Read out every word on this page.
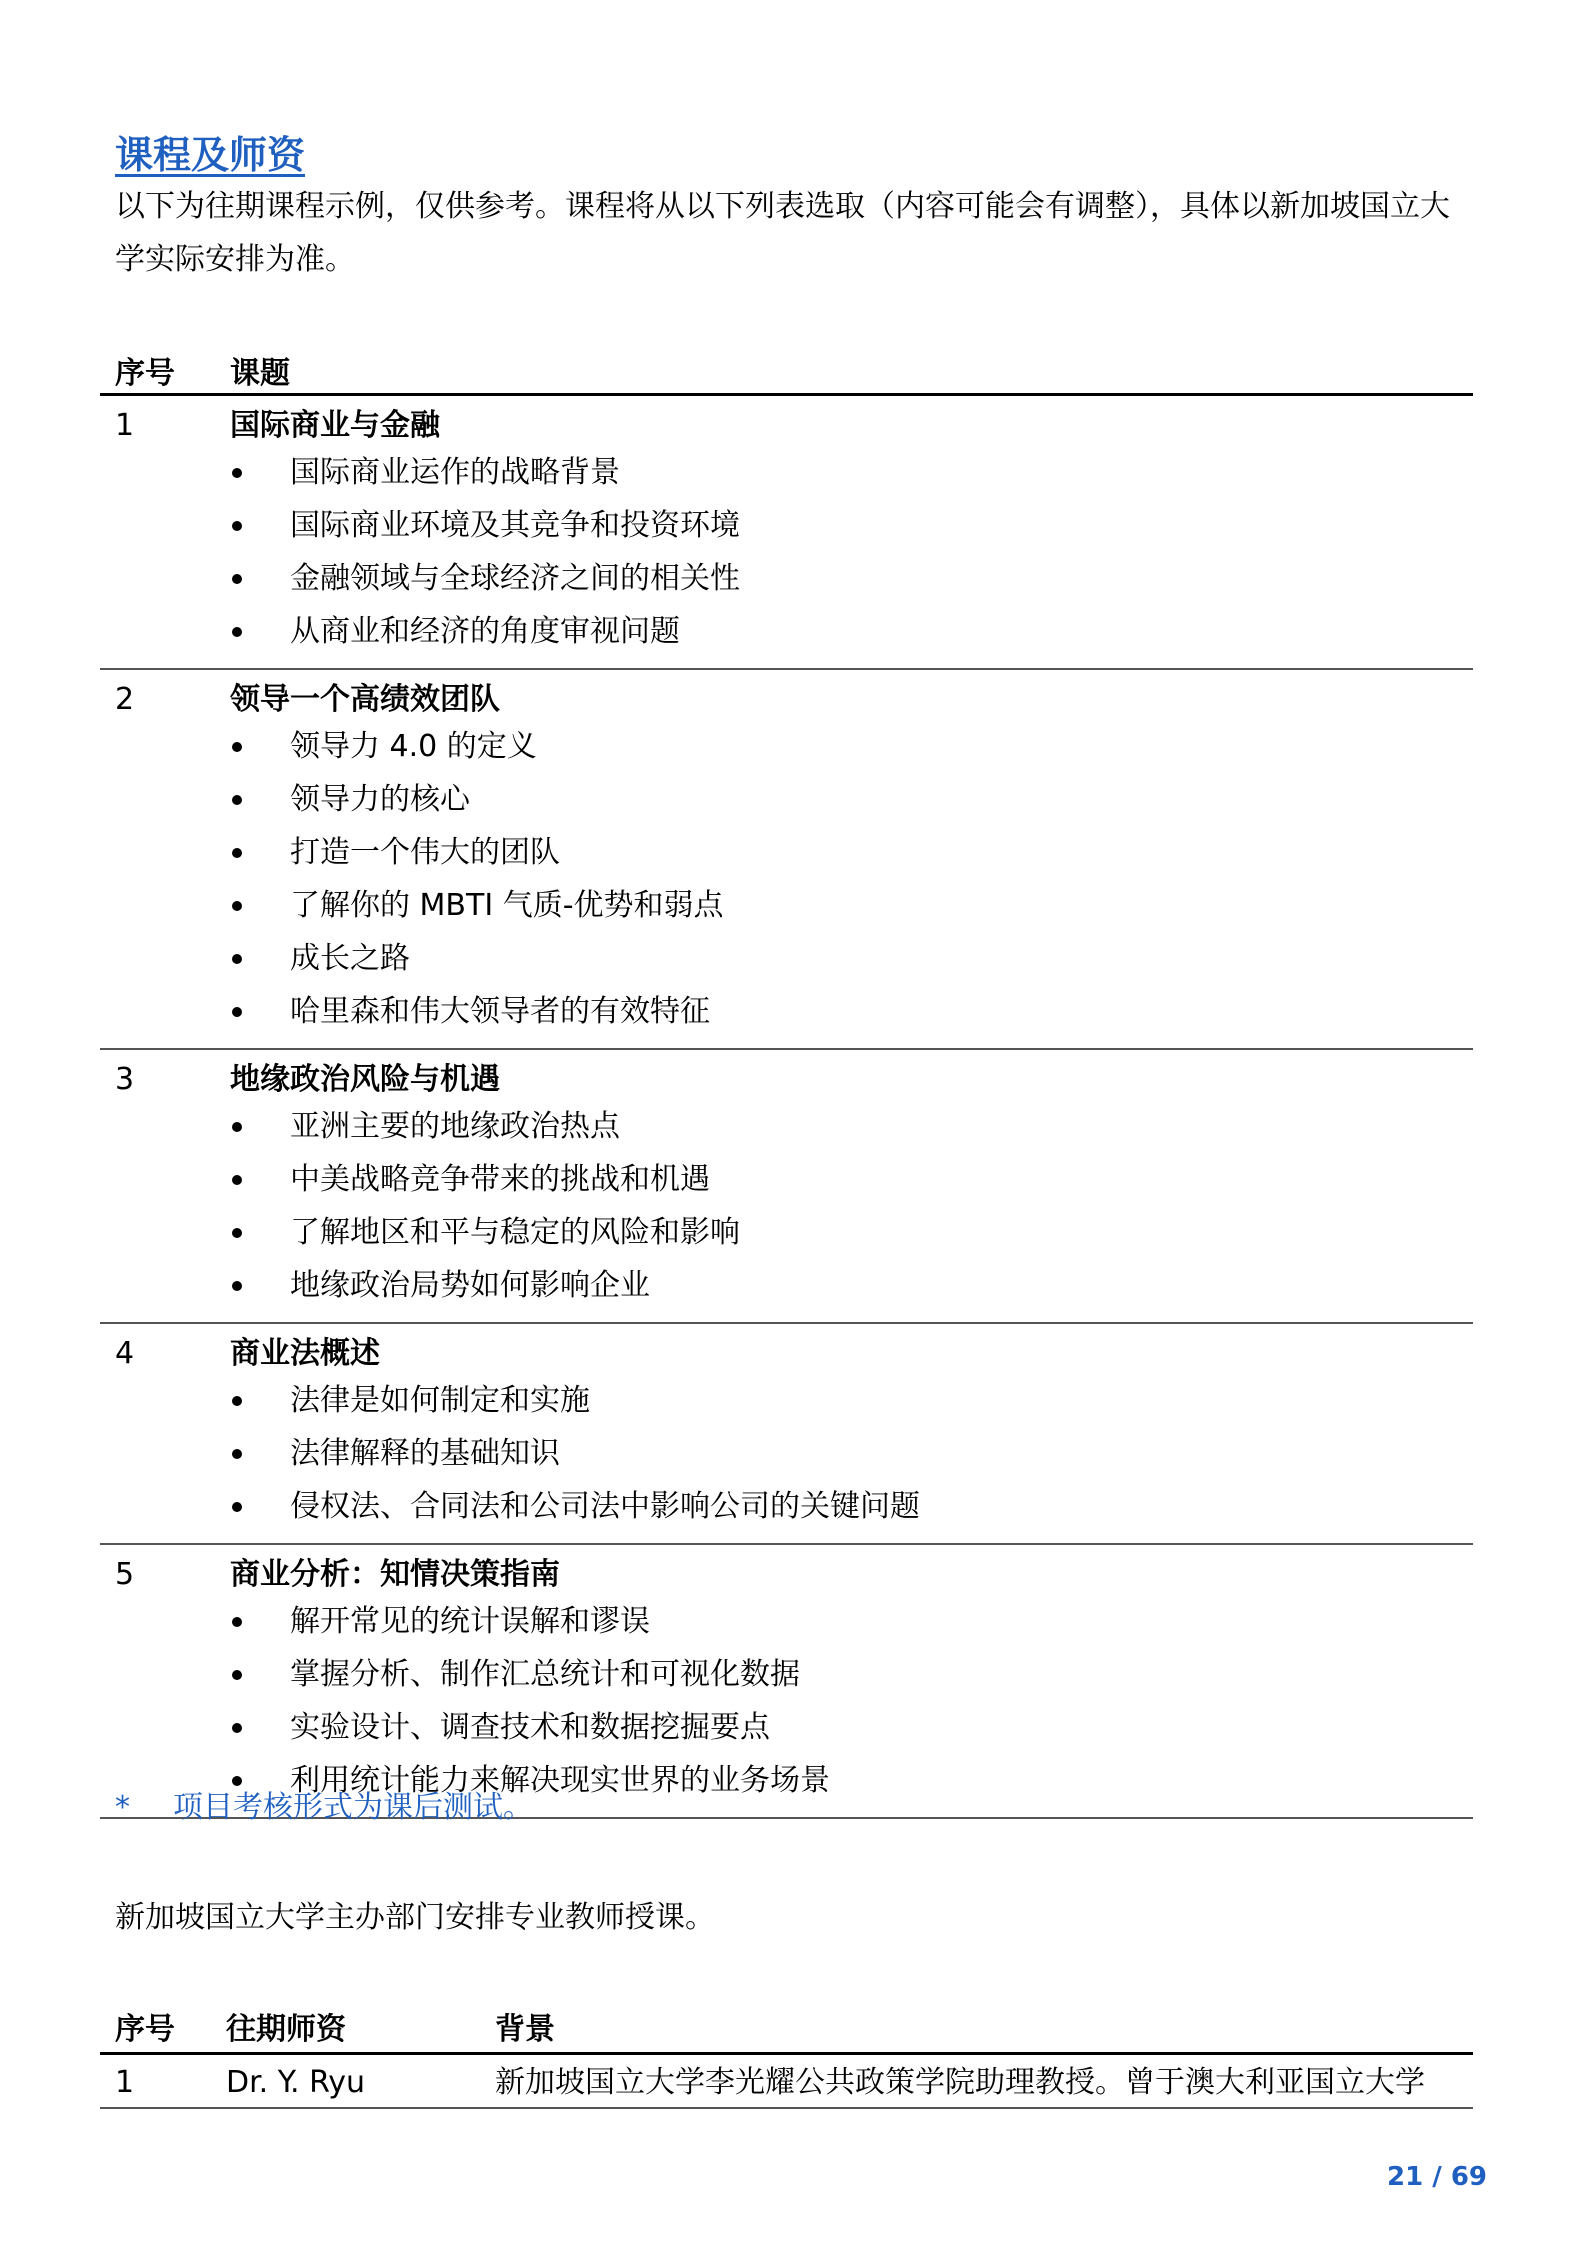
课程及师资

以下为往期课程示例，仅供参考。课程将从以下列表选取（内容可能会有调整），具体以新加坡国立大学实际安排为准。

序号 课题
1	国际商业与金融
国际商业运作的战略背景
国际商业环境及其竞争和投资环境
金融领域与全球经济之间的相关性
从商业和经济的角度审视问题
2	领导一个高绩效团队
领导力 4.0 的定义
领导力的核心
打造一个伟大的团队
了解你的 MBTI 气质-优势和弱点
成长之路
哈里森和伟大领导者的有效特征
3	地缘政治风险与机遇
亚洲主要的地缘政治热点
中美战略竞争带来的挑战和机遇
了解地区和平与稳定的风险和影响
地缘政治局势如何影响企业
4	商业法概述
法律是如何制定和实施
法律解释的基础知识
侵权法、合同法和公司法中影响公司的关键问题
5	商业分析：知情决策指南
解开常见的统计误解和谬误
掌握分析、制作汇总统计和可视化数据
实验设计、调查技术和数据挖掘要点
利用统计能力来解决现实世界的业务场景
* 项目考核形式为课后测试。

新加坡国立大学主办部门安排专业教师授课。

序号 往期师资	背景
1	Dr. Y. Ryu	新加坡国立大学李光耀公共政策学院助理教授。曾于澳大利亚国立大学
21 / 69
